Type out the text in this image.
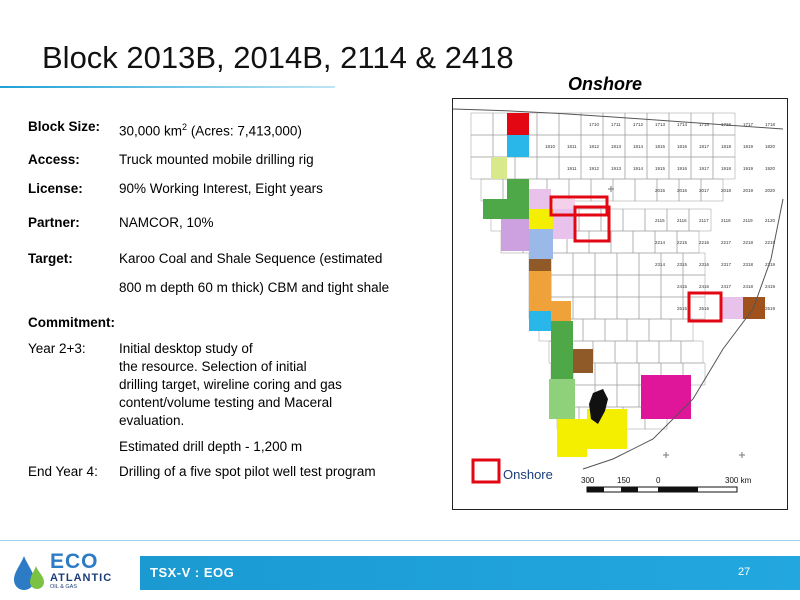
Block 2013B, 2014B, 2114 & 2418
Onshore
Block Size: 30,000 $km^2$ (Acres: 7,413,000)
Access:	Truck mounted mobile drilling rig
License:	90% Working Interest, Eight years
Partner:	NAMCOR, 10%
Target:	Karoo Coal and Shale Sequence (estimated
800 m depth 60 m thick) CBM and tight shale
Commitment:
Year 2+3: Initial desktop study of
the resource. Selection of initial
drilling target, wireline coring and gas
content/volume testing and Maceral
evaluation.
Estimated drill depth - 1,200 m
End Year 4: Drilling of a five spot pilot well test program
1710	1711	1712	1713	1714	1715	1716	1717	1718
1810	1811	1812	1813	1814	1815	1816	1817	1818	1819	1820
1911	1912	1913	1914	1915	1916	1917	1918	1919	1920
2015	2016	2017	2018	2019	2020
2115	2116	2117	2118	2119	2120
2214	2215	2216	2217	2218	2219
2314	2315	2316	2317	2318	2319
2415	2416	2417	2418	2419
2515	2516	2519
Onshore	300	150	0	300 km
ECO
ATLANTIC
OIL & GAS
TSX-V : EOG	27
